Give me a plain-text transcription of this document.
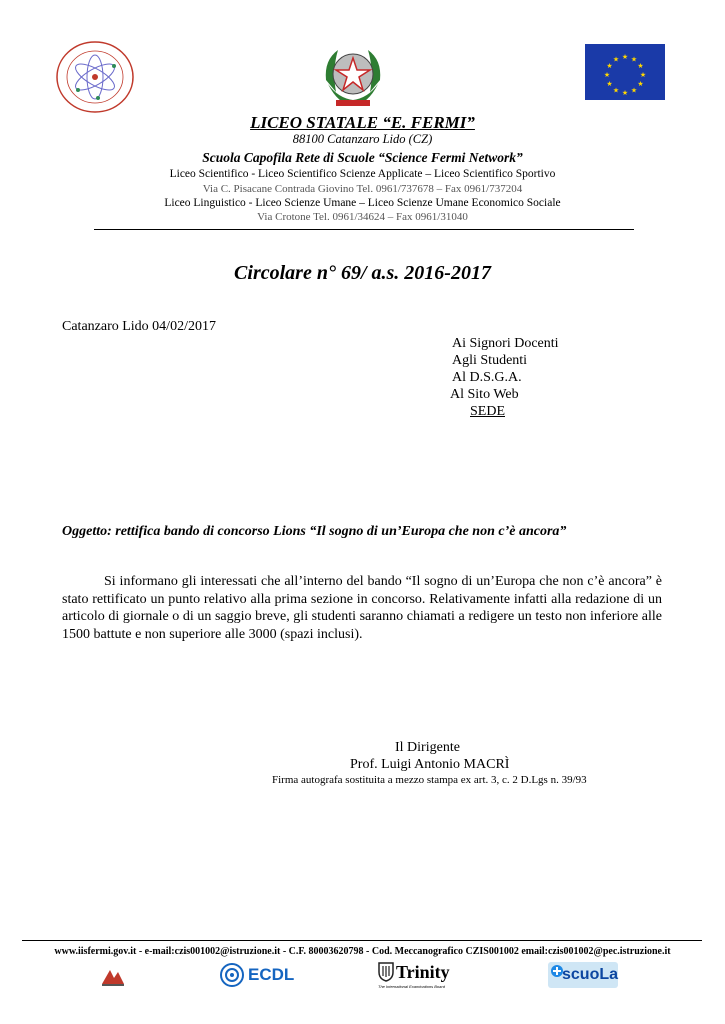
★ ★
★
★
★
★
★
★
★
★
★
★
LICEO STATALE “E. FERMI”
88100 Catanzaro Lido (CZ)
Scuola Capofila Rete di Scuole “Science Fermi Network”
Liceo Scientifico - Liceo Scientifico Scienze Applicate – Liceo Scientifico Sportivo
Via C. Pisacane Contrada Giovino Tel. 0961/737678 – Fax 0961/737204
Liceo Linguistico - Liceo Scienze Umane – Liceo Scienze Umane Economico Sociale
Via Crotone Tel. 0961/34624 – Fax 0961/31040
Circolare n° 69/ a.s. 2016-2017
Catanzaro Lido 04/02/2017
Ai Signori Docenti
Agli Studenti
Al D.S.G.A.
Al Sito Web
SEDE
Oggetto: rettifica bando di concorso Lions “Il sogno di un’Europa che non c’è ancora”
Si informano gli interessati che all’interno del bando “Il sogno di un’Europa che non c’è ancora” è stato rettificato un punto relativo alla prima sezione in concorso. Relativamente infatti alla redazione di un articolo di giornale o di un saggio breve, gli studenti saranno chiamati a redigere un testo non inferiore alle 1500 battute e non superiore alle 3000 (spazi inclusi).
Il Dirigente
Prof. Luigi Antonio MACRÌ
Firma autografa sostituita a mezzo stampa ex art. 3, c. 2 D.Lgs n. 39/93
www.iisfermi.gov.it - e-mail:czis001002@istruzione.it - C.F. 80003620798 - Cod. Meccanografico CZIS001002 email:czis001002@pec.istruzione.it
ECDL	Trinity
The International Examinations Board
scuoLa
